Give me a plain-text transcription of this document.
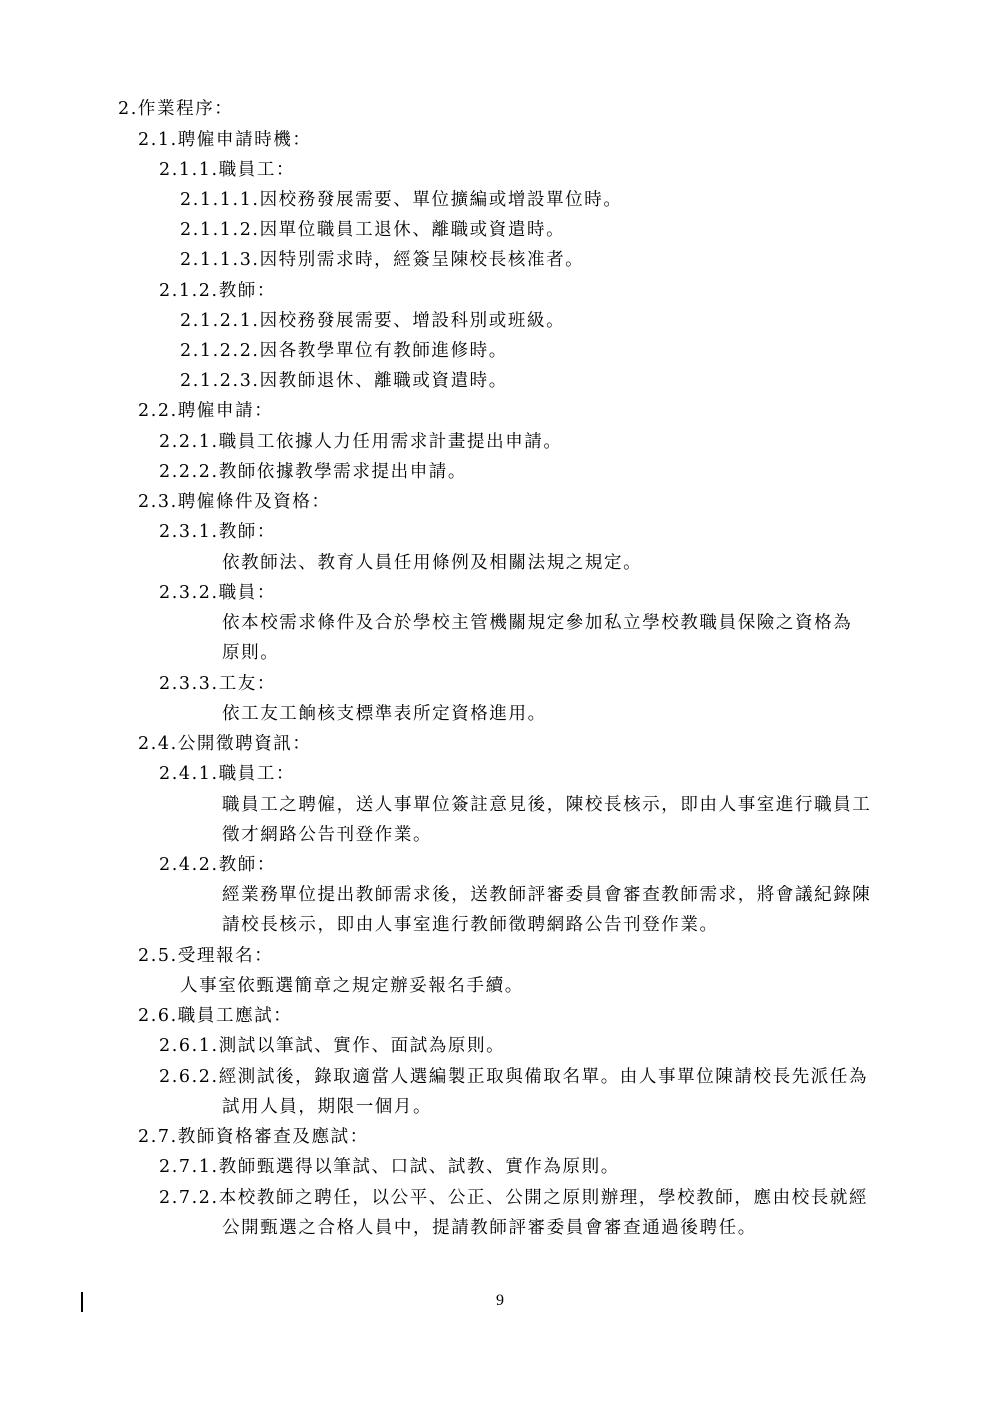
2.作業程序：
2.1.聘僱申請時機：
2.1.1.職員工：
2.1.1.1.因校務發展需要、單位擴編或增設單位時。
2.1.1.2.因單位職員工退休、離職或資遣時。
2.1.1.3.因特別需求時，經簽呈陳校長核准者。
2.1.2.教師：
2.1.2.1.因校務發展需要、增設科別或班級。
2.1.2.2.因各教學單位有教師進修時。
2.1.2.3.因教師退休、離職或資遣時。
2.2.聘僱申請：
2.2.1.職員工依據人力任用需求計畫提出申請。
2.2.2.教師依據教學需求提出申請。
2.3.聘僱條件及資格：
2.3.1.教師：
依教師法、教育人員任用條例及相關法規之規定。
2.3.2.職員：
依本校需求條件及合於學校主管機關規定參加私立學校教職員保險之資格為
原則。
2.3.3.工友：
依工友工餉核支標準表所定資格進用。
2.4.公開徵聘資訊：
2.4.1.職員工：
職員工之聘僱，送人事單位簽註意見後，陳校長核示，即由人事室進行職員工
徵才網路公告刊登作業。
2.4.2.教師：
經業務單位提出教師需求後，送教師評審委員會審查教師需求，將會議紀錄陳
請校長核示，即由人事室進行教師徵聘網路公告刊登作業。
2.5.受理報名：
人事室依甄選簡章之規定辦妥報名手續。
2.6.職員工應試：
2.6.1.測試以筆試、實作、面試為原則。
2.6.2.經測試後，錄取適當人選編製正取與備取名單。由人事單位陳請校長先派任為
試用人員，期限一個月。
2.7.教師資格審查及應試：
2.7.1.教師甄選得以筆試、口試、試教、實作為原則。
2.7.2.本校教師之聘任，以公平、公正、公開之原則辦理，學校教師，應由校長就經
公開甄選之合格人員中，提請教師評審委員會審查通過後聘任。
9
